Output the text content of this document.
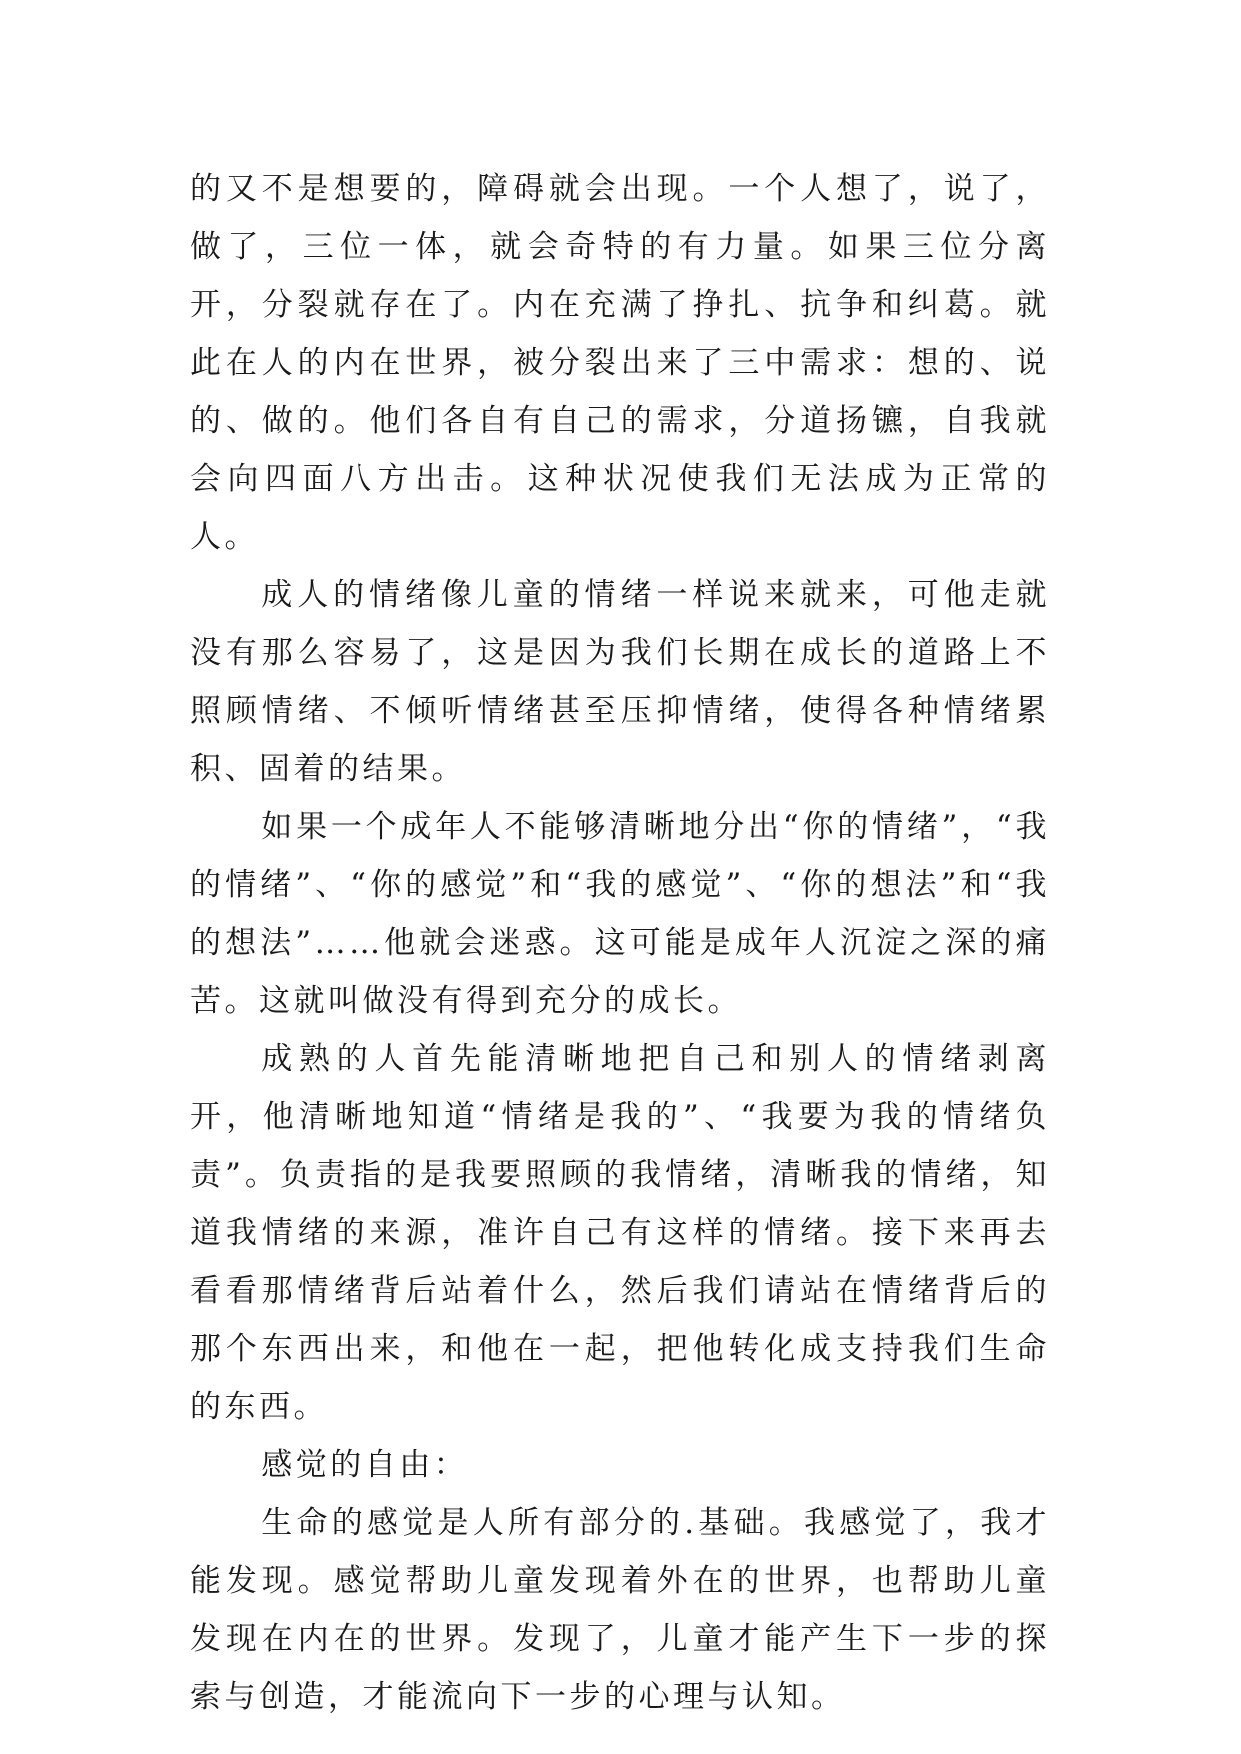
的又不是想要的，障碍就会出现。一个人想了，说了，做了，三位一体，就会奇特的有力量。如果三位分离开，分裂就存在了。内在充满了挣扎、抗争和纠葛。就此在人的内在世界，被分裂出来了三中需求：想的、说的、做的。他们各自有自己的需求，分道扬镳，自我就会向四面八方出击。这种状况使我们无法成为正常的人。

成人的情绪像儿童的情绪一样说来就来，可他走就没有那么容易了，这是因为我们长期在成长的道路上不照顾情绪、不倾听情绪甚至压抑情绪，使得各种情绪累积、固着的结果。

如果一个成年人不能够清晰地分出“你的情绪”，“我的情绪”、“你的感觉”和“我的感觉”、“你的想法”和“我的想法”……他就会迷惑。这可能是成年人沉淀之深的痛苦。这就叫做没有得到充分的成长。

成熟的人首先能清晰地把自己和别人的情绪剥离开，他清晰地知道“情绪是我的”、“我要为我的情绪负责”。负责指的是我要照顾的我情绪，清晰我的情绪，知道我情绪的来源，准许自己有这样的情绪。接下来再去看看那情绪背后站着什么，然后我们请站在情绪背后的那个东西出来，和他在一起，把他转化成支持我们生命的东西。

感觉的自由：

生命的感觉是人所有部分的.基础。我感觉了，我才能发现。感觉帮助儿童发现着外在的世界，也帮助儿童发现在内在的世界。发现了，儿童才能产生下一步的探索与创造，才能流向下一步的心理与认知。
